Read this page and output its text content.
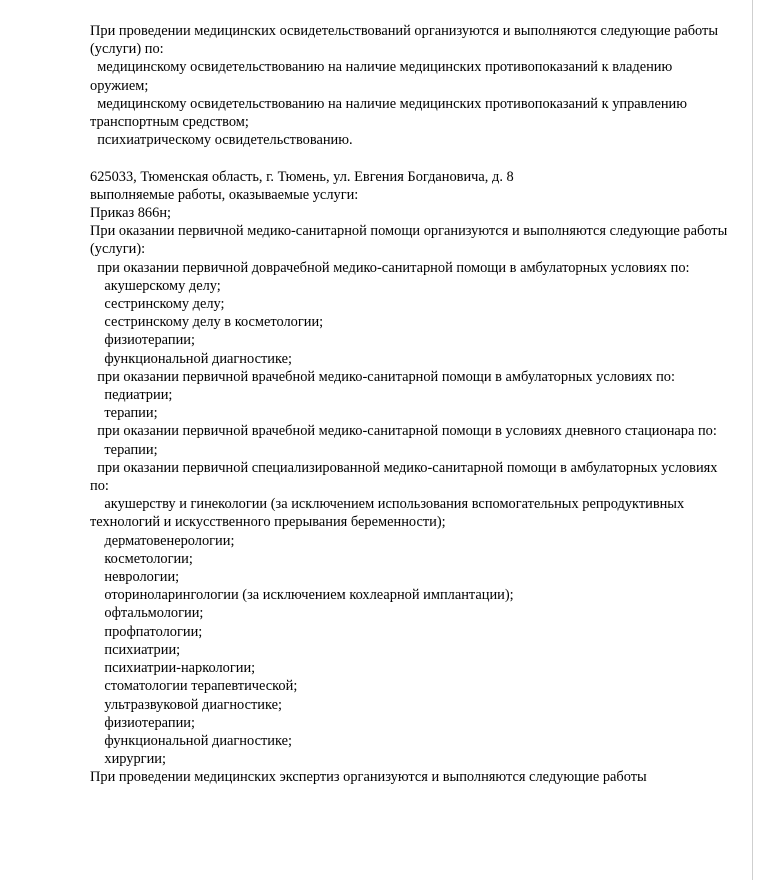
При проведении медицинских освидетельствований организуются и выполняются следующие работы (услуги) по:

медицинскому освидетельствованию на наличие медицинских противопоказаний к владению оружием;

медицинскому освидетельствованию на наличие медицинских противопоказаний к управлению транспортным средством;

психиатрическому освидетельствованию.

625033, Тюменская область, г. Тюмень, ул. Евгения Богдановича, д. 8

выполняемые работы, оказываемые услуги:

Приказ 866н;

При оказании первичной медико-санитарной помощи организуются и выполняются следующие работы (услуги):

при оказании первичной доврачебной медико-санитарной помощи в амбулаторных условиях по:

акушерскому делу;

сестринскому делу;

сестринскому делу в косметологии;

физиотерапии;

функциональной диагностике;

при оказании первичной врачебной медико-санитарной помощи в амбулаторных условиях по:

педиатрии;

терапии;

при оказании первичной врачебной медико-санитарной помощи в условиях дневного стационара по:

терапии;

при оказании первичной специализированной медико-санитарной помощи в амбулаторных условиях по:

акушерству и гинекологии (за исключением использования вспомогательных репродуктивных технологий и искусственного прерывания беременности);

дерматовенерологии;

косметологии;

неврологии;

оториноларингологии (за исключением кохлеарной имплантации);

офтальмологии;

профпатологии;

психиатрии;

психиатрии-наркологии;

стоматологии терапевтической;

ультразвуковой диагностике;

физиотерапии;

функциональной диагностике;

хирургии;

При проведении медицинских экспертиз организуются и выполняются следующие работы
